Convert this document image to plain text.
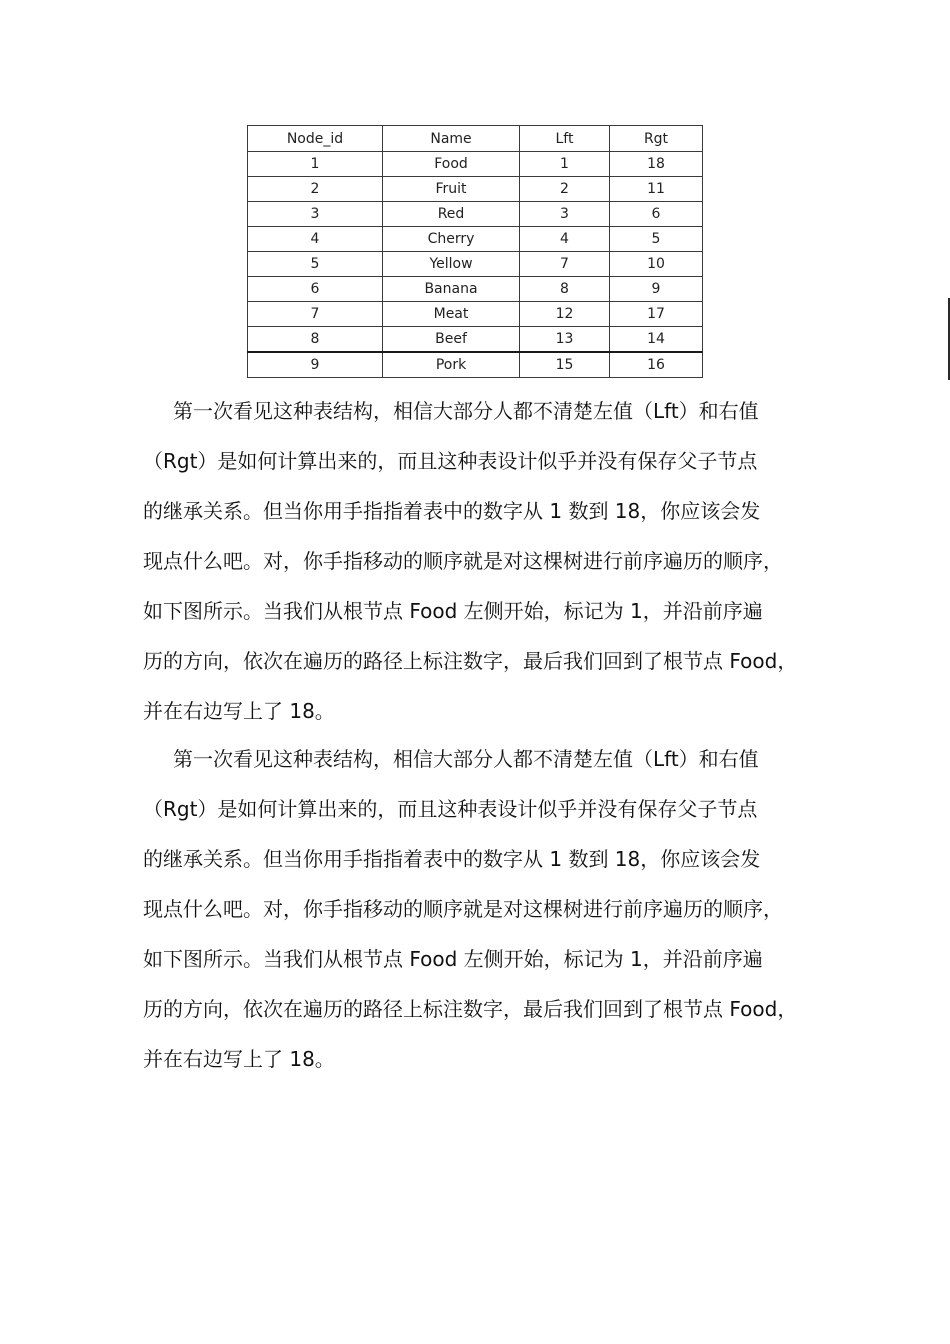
Node_id	Name	Lft	Rgt
1	Food	1	18
2	Fruit	2	11
3	Red	3	6
4	Cherry	4	5
5	Yellow	7	10
6	Banana	8	9
7	Meat	12	17
8	Beef	13	14
9	Pork	15	16

第一次看见这种表结构，相信大部分人都不清楚左值（Lft）和右值
（Rgt）是如何计算出来的，而且这种表设计似乎并没有保存父子节点
的继承关系。但当你用手指指着表中的数字从 1 数到 18，你应该会发
现点什么吧。对，你手指移动的顺序就是对这棵树进行前序遍历的顺序，
如下图所示。当我们从根节点 Food 左侧开始，标记为 1，并沿前序遍
历的方向，依次在遍历的路径上标注数字，最后我们回到了根节点 Food，
并在右边写上了 18。

第一次看见这种表结构，相信大部分人都不清楚左值（Lft）和右值
（Rgt）是如何计算出来的，而且这种表设计似乎并没有保存父子节点
的继承关系。但当你用手指指着表中的数字从 1 数到 18，你应该会发
现点什么吧。对，你手指移动的顺序就是对这棵树进行前序遍历的顺序，
如下图所示。当我们从根节点 Food 左侧开始，标记为 1，并沿前序遍
历的方向，依次在遍历的路径上标注数字，最后我们回到了根节点 Food，
并在右边写上了 18。
